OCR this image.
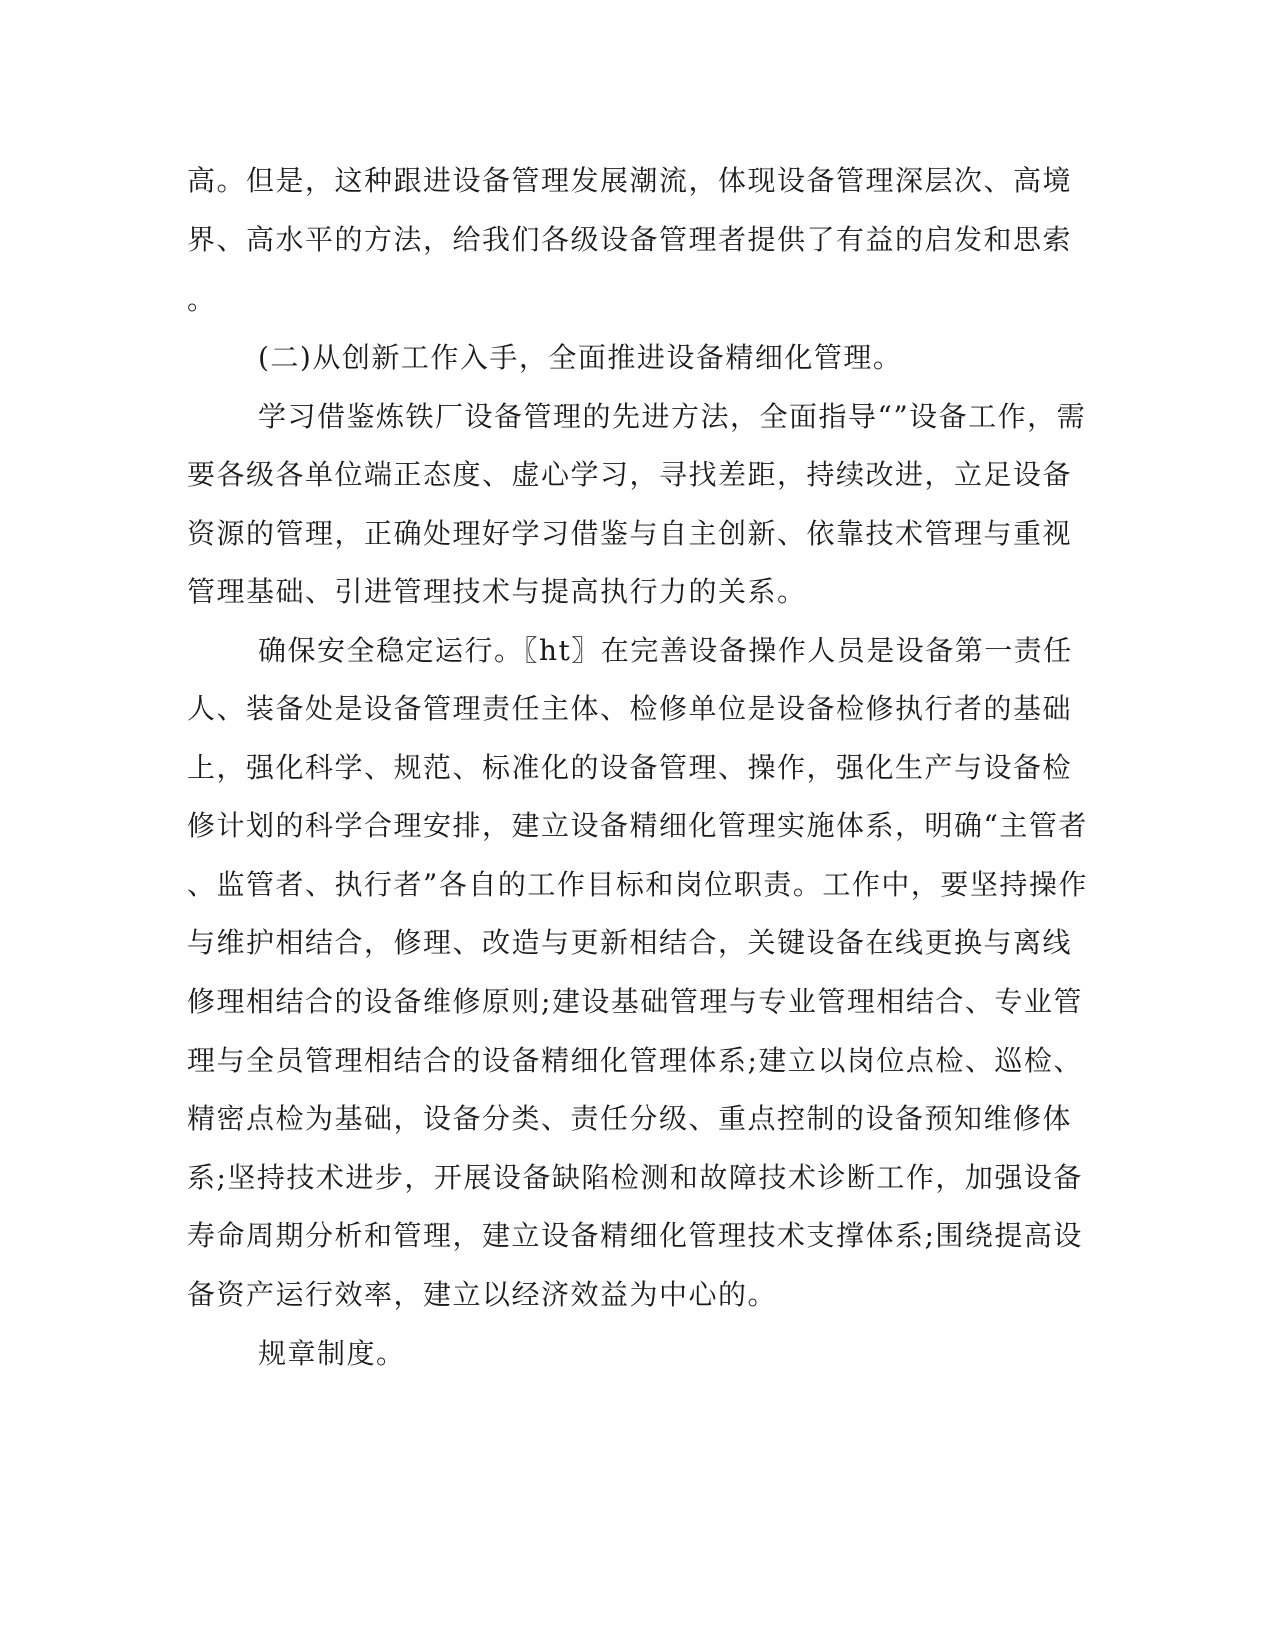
高。但是，这种跟进设备管理发展潮流，体现设备管理深层次、高境
界、高水平的方法，给我们各级设备管理者提供了有益的启发和思索
。
(二)从创新工作入手，全面推进设备精细化管理。
学习借鉴炼铁厂设备管理的先进方法，全面指导“”设备工作，需
要各级各单位端正态度、虚心学习，寻找差距，持续改进，立足设备
资源的管理，正确处理好学习借鉴与自主创新、依靠技术管理与重视
管理基础、引进管理技术与提高执行力的关系。
确保安全稳定运行。〖ht〗在完善设备操作人员是设备第一责任
人、装备处是设备管理责任主体、检修单位是设备检修执行者的基础
上，强化科学、规范、标准化的设备管理、操作，强化生产与设备检
修计划的科学合理安排，建立设备精细化管理实施体系，明确“主管者
、监管者、执行者”各自的工作目标和岗位职责。工作中，要坚持操作
与维护相结合，修理、改造与更新相结合，关键设备在线更换与离线
修理相结合的设备维修原则;建设基础管理与专业管理相结合、专业管
理与全员管理相结合的设备精细化管理体系;建立以岗位点检、巡检、
精密点检为基础，设备分类、责任分级、重点控制的设备预知维修体
系;坚持技术进步，开展设备缺陷检测和故障技术诊断工作，加强设备
寿命周期分析和管理，建立设备精细化管理技术支撑体系;围绕提高设
备资产运行效率，建立以经济效益为中心的。
规章制度。
